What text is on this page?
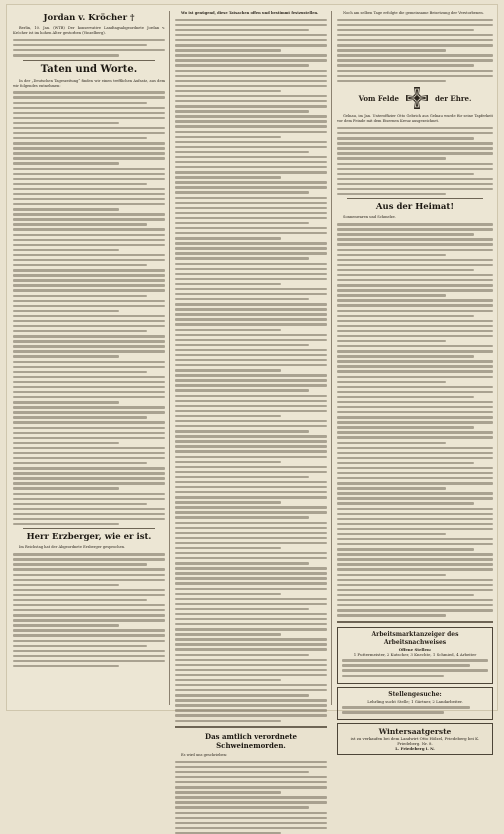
Jordan v. Kröcher †

Berlin, 10. Jan. (WTB) Der konservative Landtagsabgeordnete Jordan v. Kröcher ist im hohen Alter gestorben (Vinzelberg).

Taten und Worte.

In der „Deutschen Tageszeitung“ finden wir einen trefflichen Aufsatz, aus dem wir folgendes entnehmen:

Herr Erzberger, wie er ist.

Im Reichstag hat der Abgeordnete Erzberger gesprochen.

Wo ist genügend, diese Tatsachen offen und bestimmt festzustellen.

Das amtlich verordnete Schweinemorden.

Es wird uns geschrieben:

Noch am selben Tage erfolgte die gemeinsame Beisetzung der Verstorbenen.

Vom Felde	der Ehre.

Gelnau, im Jan. Unteroffizier Otto Gebrich aus Gelnau wurde für seine Tapferkeit vor dem Feinde mit dem Eisernen Kreuz ausgezeichnet.

Aus der Heimat!

Sonnenwaren und Schmelze.

Arbeitsmarktanzeiger des Arbeitsnachweises
Offene Stellen:
1 Futtermeister, 2 Kutscher, 3 Knechte, 1 Schmied, 4 Arbeiter
Stellengesuche:
Lehrling sucht Stelle; 1 Gärtner, 2 Landarbeiter.
Wintersaatgerste
ist zu verkaufen bei dem Landwirt Otto Hölzel, Friedeberg bei K. Friedeberg. Nr. 8.
L. Friedeberg i. N.
